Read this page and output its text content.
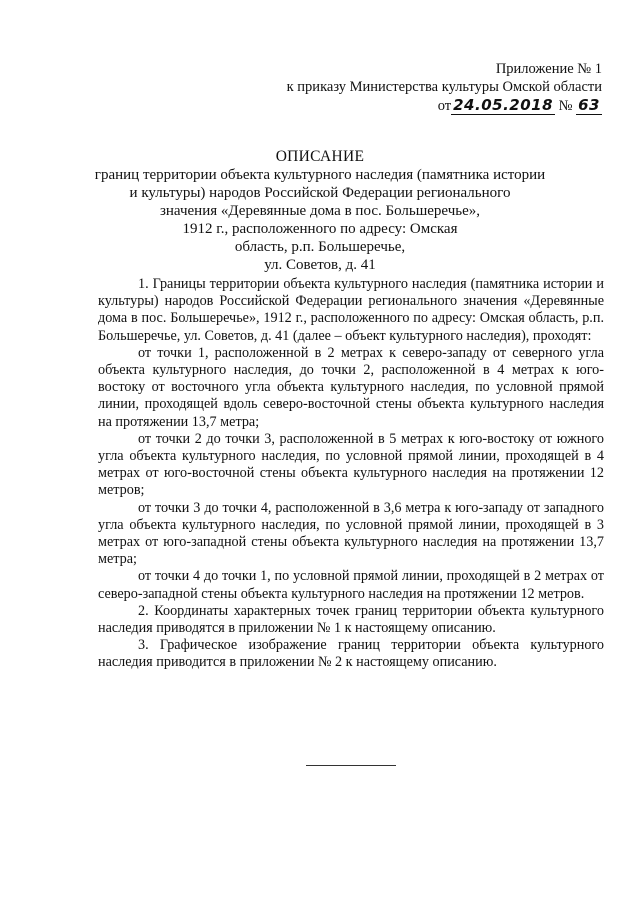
Приложение № 1
к приказу Министерства культуры Омской области
от 24.05.2018 № 63
ОПИСАНИЕ
границ территории объекта культурного наследия (памятника истории
и культуры) народов Российской Федерации регионального
значения «Деревянные дома в пос. Большеречье»,
1912 г., расположенного по адресу: Омская
область, р.п. Большеречье,
ул. Советов, д. 41

1. Границы территории объекта культурного наследия (памятника истории и культуры) народов Российской Федерации регионального значения «Деревянные дома в пос. Большеречье», 1912 г., расположенного по адресу: Омская область, р.п. Большеречье, ул. Советов, д. 41 (далее – объект культурного наследия), проходят:

от точки 1, расположенной в 2 метрах к северо-западу от северного угла объекта культурного наследия, до точки 2, расположенной в 4 метрах к юго-востоку от восточного угла объекта культурного наследия, по условной прямой линии, проходящей вдоль северо-восточной стены объекта культурного наследия на протяжении 13,7 метра;

от точки 2 до точки 3, расположенной в 5 метрах к юго-востоку от южного угла объекта культурного наследия, по условной прямой линии, проходящей в 4 метрах от юго-восточной стены объекта культурного наследия на протяжении 12 метров;

от точки 3 до точки 4, расположенной в 3,6 метра к юго-западу от западного угла объекта культурного наследия, по условной прямой линии, проходящей в 3 метрах от юго-западной стены объекта культурного наследия на протяжении 13,7 метра;

от точки 4 до точки 1, по условной прямой линии, проходящей в 2 метрах от северо-западной стены объекта культурного наследия на протяжении 12 метров.

2. Координаты характерных точек границ территории объекта культурного наследия приводятся в приложении № 1 к настоящему описанию.

3. Графическое изображение границ территории объекта культурного наследия приводится в приложении № 2 к настоящему описанию.
